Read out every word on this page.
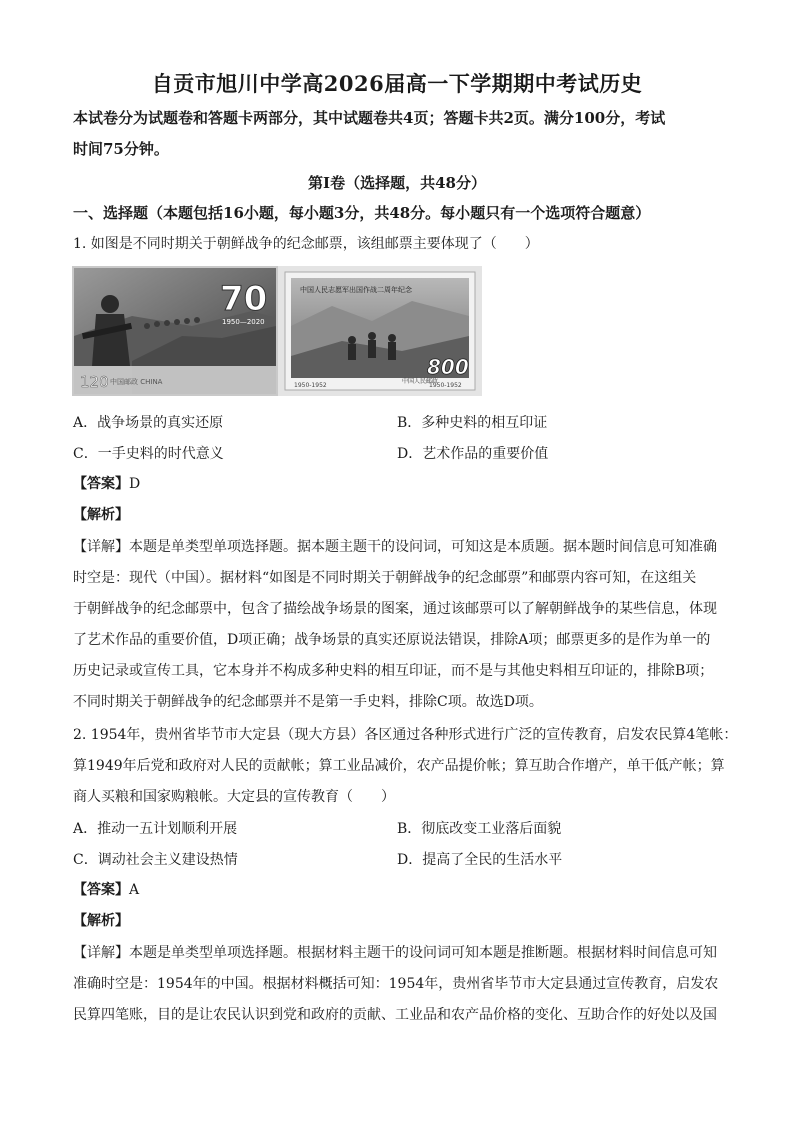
自贡市旭川中学高2026届高一下学期期中考试历史
本试卷分为试题卷和答题卡两部分，其中试题卷共4页；答题卡共2页。满分100分，考试
时间75分钟。
第Ⅰ卷（选择题，共48分）
一、选择题（本题包括16小题，每小题3分，共48分。每小题只有一个选项符合题意）
1. 如图是不同时期关于朝鲜战争的纪念邮票，该组邮票主要体现了（　　）
70
1950—2020
120 中国邮政 CHINA
中国人民志愿军出国作战二周年纪念
800
1950-1952	1950-1952
中国人民邮政
A．战争场景的真实还原	B．多种史料的相互印证
C．一手史料的时代意义	D．艺术作品的重要价值
【答案】D
【解析】
【详解】本题是单类型单项选择题。据本题主题干的设问词，可知这是本质题。据本题时间信息可知准确
时空是：现代（中国）。据材料“如图是不同时期关于朝鲜战争的纪念邮票”和邮票内容可知，在这组关
于朝鲜战争的纪念邮票中，包含了描绘战争场景的图案，通过该邮票可以了解朝鲜战争的某些信息，体现
了艺术作品的重要价值，D项正确；战争场景的真实还原说法错误，排除A项；邮票更多的是作为单一的
历史记录或宣传工具，它本身并不构成多种史料的相互印证，而不是与其他史料相互印证的，排除B项；
不同时期关于朝鲜战争的纪念邮票并不是第一手史料，排除C项。故选D项。
2. 1954年，贵州省毕节市大定县（现大方县）各区通过各种形式进行广泛的宣传教育，启发农民算4笔帐：
算1949年后党和政府对人民的贡献帐；算工业品减价，农产品提价帐；算互助合作增产，单干低产帐；算
商人买粮和国家购粮帐。大定县的宣传教育（　　）
A．推动一五计划顺利开展	B．彻底改变工业落后面貌
C．调动社会主义建设热情	D．提高了全民的生活水平
【答案】A
【解析】
【详解】本题是单类型单项选择题。根据材料主题干的设问词可知本题是推断题。根据材料时间信息可知
准确时空是：1954年的中国。根据材料概括可知：1954年，贵州省毕节市大定县通过宣传教育，启发农
民算四笔账，目的是让农民认识到党和政府的贡献、工业品和农产品价格的变化、互助合作的好处以及国
